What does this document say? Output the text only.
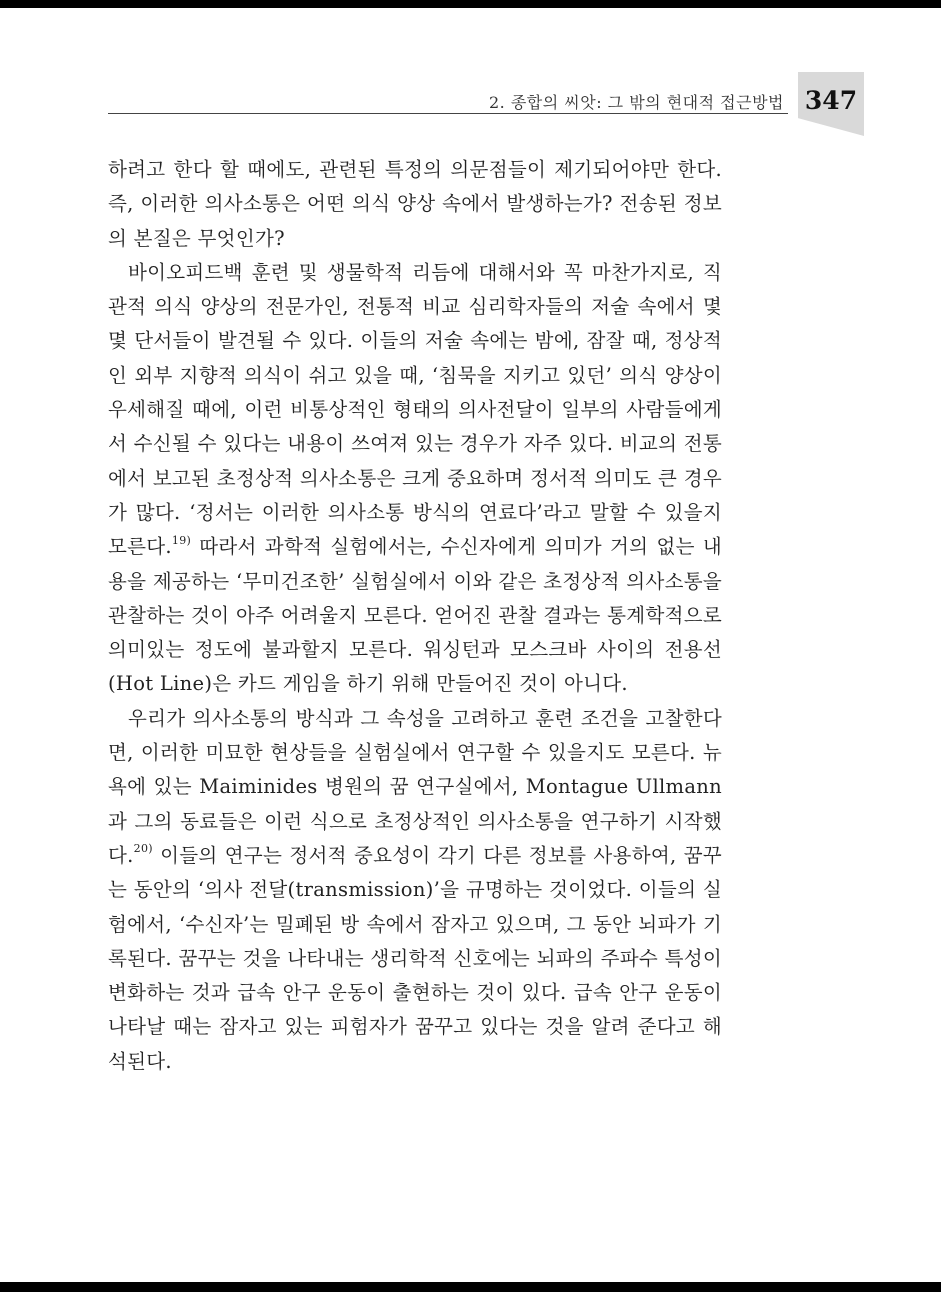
2. 종합의 씨앗: 그 밖의 현대적 접근방법 347

하려고 한다 할 때에도, 관련된 특정의 의문점들이 제기되어야만 한다. 즉, 이러한 의사소통은 어떤 의식 양상 속에서 발생하는가? 전송된 정보의 본질은 무엇인가?

바이오피드백 훈련 및 생물학적 리듬에 대해서와 꼭 마찬가지로, 직관적 의식 양상의 전문가인, 전통적 비교 심리학자들의 저술 속에서 몇몇 단서들이 발견될 수 있다. 이들의 저술 속에는 밤에, 잠잘 때, 정상적인 외부 지향적 의식이 쉬고 있을 때, ‘침묵을 지키고 있던’ 의식 양상이 우세해질 때에, 이런 비통상적인 형태의 의사전달이 일부의 사람들에게서 수신될 수 있다는 내용이 쓰여져 있는 경우가 자주 있다. 비교의 전통에서 보고된 초정상적 의사소통은 크게 중요하며 정서적 의미도 큰 경우가 많다. ‘정서는 이러한 의사소통 방식의 연료다’라고 말할 수 있을지 모른다.$^{19)}$ 따라서 과학적 실험에서는, 수신자에게 의미가 거의 없는 내용을 제공하는 ‘무미건조한’ 실험실에서 이와 같은 초정상적 의사소통을 관찰하는 것이 아주 어려울지 모른다. 얻어진 관찰 결과는 통계학적으로 의미있는 정도에 불과할지 모른다. 워싱턴과 모스크바 사이의 전용선(Hot Line)은 카드 게임을 하기 위해 만들어진 것이 아니다.

우리가 의사소통의 방식과 그 속성을 고려하고 훈련 조건을 고찰한다면, 이러한 미묘한 현상들을 실험실에서 연구할 수 있을지도 모른다. 뉴욕에 있는 Maiminides 병원의 꿈 연구실에서, Montague Ullmann과 그의 동료들은 이런 식으로 초정상적인 의사소통을 연구하기 시작했다.$^{20)}$ 이들의 연구는 정서적 중요성이 각기 다른 정보를 사용하여, 꿈꾸는 동안의 ‘의사 전달(transmission)’을 규명하는 것이었다. 이들의 실험에서, ‘수신자’는 밀폐된 방 속에서 잠자고 있으며, 그 동안 뇌파가 기록된다. 꿈꾸는 것을 나타내는 생리학적 신호에는 뇌파의 주파수 특성이 변화하는 것과 급속 안구 운동이 출현하는 것이 있다. 급속 안구 운동이 나타날 때는 잠자고 있는 피험자가 꿈꾸고 있다는 것을 알려 준다고 해석된다.
